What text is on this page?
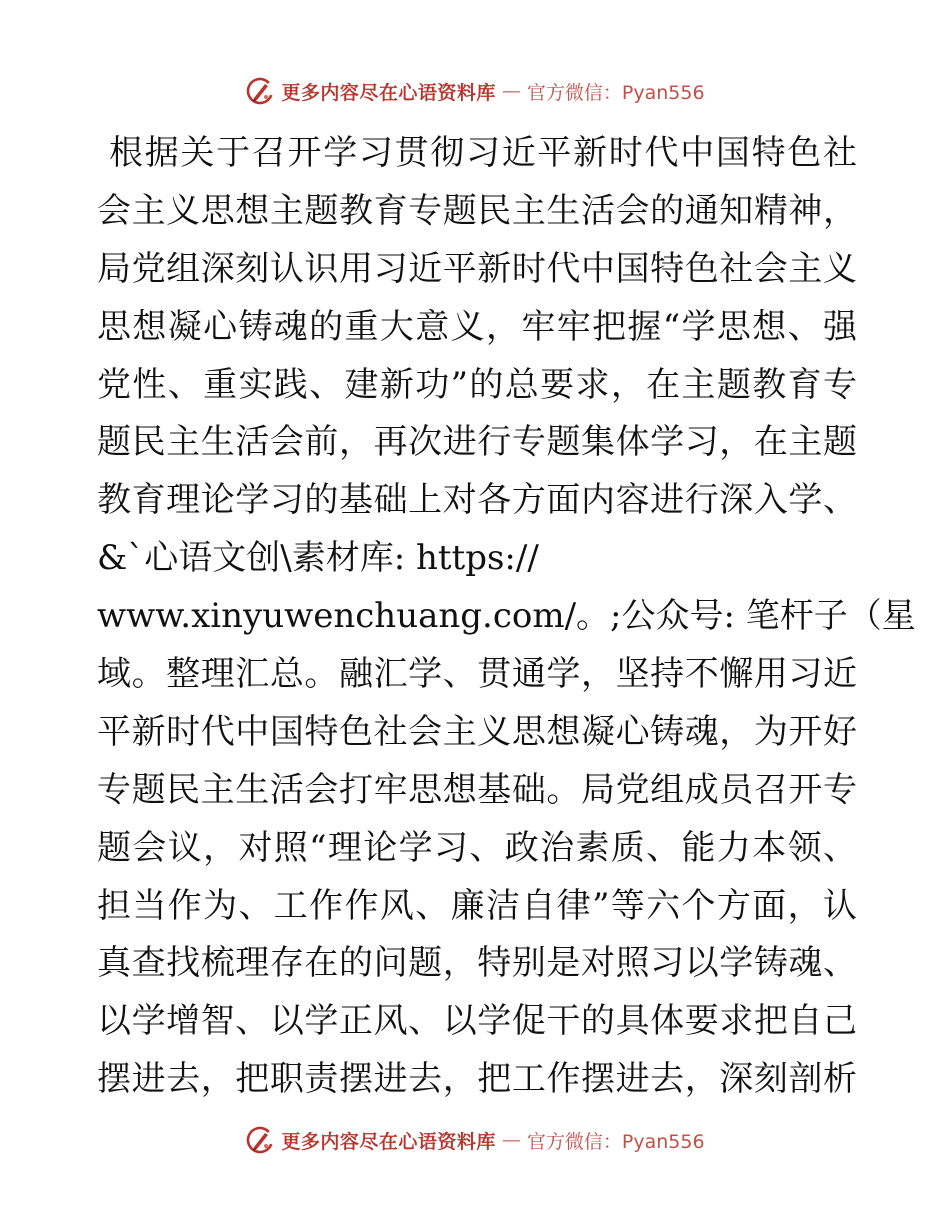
更多内容尽在心语资料库 — 官方微信：Pyan556
根据关于召开学习贯彻习近平新时代中国特色社
会主义思想主题教育专题民主生活会的通知精神，
局党组深刻认识用习近平新时代中国特色社会主义
思想凝心铸魂的重大意义，牢牢把握“学思想、强
党性、重实践、建新功”的总要求，在主题教育专
题民主生活会前，再次进行专题集体学习，在主题
教育理论学习的基础上对各方面内容进行深入学、
&`心语文创\素材库: https://
www.xinyuwenchuang.com/。;公众号: 笔杆子（星
域。整理汇总。融汇学、贯通学，坚持不懈用习近
平新时代中国特色社会主义思想凝心铸魂，为开好
专题民主生活会打牢思想基础。局党组成员召开专
题会议，对照“理论学习、政治素质、能力本领、
担当作为、工作作风、廉洁自律”等六个方面，认
真查找梳理存在的问题，特别是对照习以学铸魂、
以学增智、以学正风、以学促干的具体要求把自己
摆进去，把职责摆进去，把工作摆进去，深刻剖析
更多内容尽在心语资料库 — 官方微信：Pyan556
